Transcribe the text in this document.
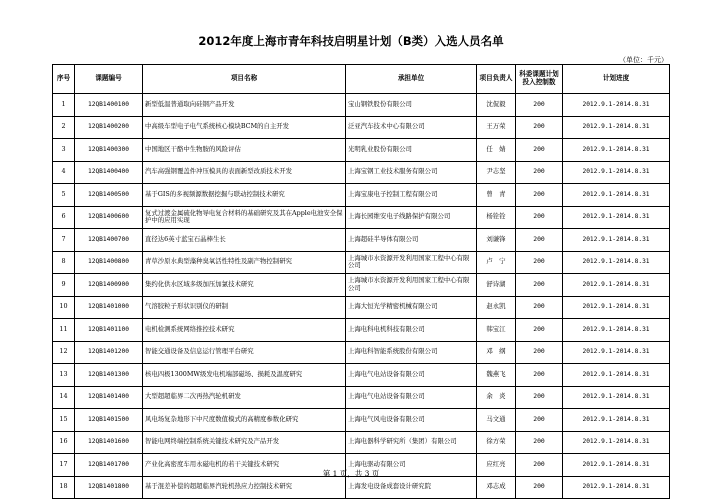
2012年度上海市青年科技启明星计划（B类）入选人员名单
（单位：千元）
序号	课题编号	项目名称	承担单位	项目负责人	科委课题计划投入控制数	计划进度
1	12QB1400100	新型低温普通取向硅钢产品开发	宝山钢铁股份有限公司	沈侃毅	200	2012.9.1-2014.8.31
2	12QB1400200	中高级车型电子电气系统核心模块BCM的自主开发	泛亚汽车技术中心有限公司	王万荣	200	2012.9.1-2014.8.31
3	12QB1400300	中国地区干酪中生物胺的风险评估	光明乳业股份有限公司	任　婧	200	2012.9.1-2014.8.31
4	12QB1400400	汽车高强钢覆盖件冲压模具的表面新型改质技术开发	上海宝钢工业技术服务有限公司	尹志坚	200	2012.9.1-2014.8.31
5	12QB1400500	基于GIS的多视频源数据挖掘与联动控制技术研究	上海宝康电子控制工程有限公司	曾　青	200	2012.9.1-2014.8.31
6	12QB1400600	复式过渡金属硫化物导电复合材料的基础研究及其在Apple电池安全保护中的应用实现	上海长园维安电子线路保护有限公司	杨铨铨	200	2012.9.1-2014.8.31
7	12QB1400700	直径达6英寸蓝宝石晶棒生长	上海超硅半导体有限公司	刘谦锋	200	2012.9.1-2014.8.31
8	12QB1400800	青草沙原水典型藻种臭氧活性特性及副产物控制研究	上海城市水资源开发利用国家工程中心有限公司	卢　宁	200	2012.9.1-2014.8.31
9	12QB1400900	集约化供水区域多级加压加氯技术研究	上海城市水资源开发利用国家工程中心有限公司	舒诗湖	200	2012.9.1-2014.8.31
10	12QB1401000	气溶胶粒子形状识别仪的研制	上海大恒光学精密机械有限公司	赵永凯	200	2012.9.1-2014.8.31
11	12QB1401100	电机检测系统网络推控技术研究	上海电科电机科技有限公司	韩宝江	200	2012.9.1-2014.8.31
12	12QB1401200	智能交通设备及信息运行管理平台研究	上海电科智能系统股份有限公司	邓　纲	200	2012.9.1-2014.8.31
13	12QB1401300	核电四极1300MW级发电机端部磁场、损耗及温度研究	上海电气电站设备有限公司	魏燕飞	200	2012.9.1-2014.8.31
14	12QB1401400	大型超超临界二次再热汽轮机研发	上海电气电站设备有限公司	余　炎	200	2012.9.1-2014.8.31
15	12QB1401500	风电场复杂地形下中尺度数值模式的高精度参数化研究	上海电气风电设备有限公司	马文通	200	2012.9.1-2014.8.31
16	12QB1401600	智能电网终端控制系统关键技术研究及产品开发	上海电器科学研究所（集团）有限公司	徐方荣	200	2012.9.1-2014.8.31
17	12QB1401700	产业化高密度车用永磁电机的若干关键技术研究	上海电驱动有限公司	应红亮	200	2012.9.1-2014.8.31
18	12QB1401800	基于混差补偿的超超临界汽轮机热应力控制技术研究	上海发电设备成套设计研究院	邓志成	200	2012.9.1-2014.8.31
第 1 页，共 3 页
